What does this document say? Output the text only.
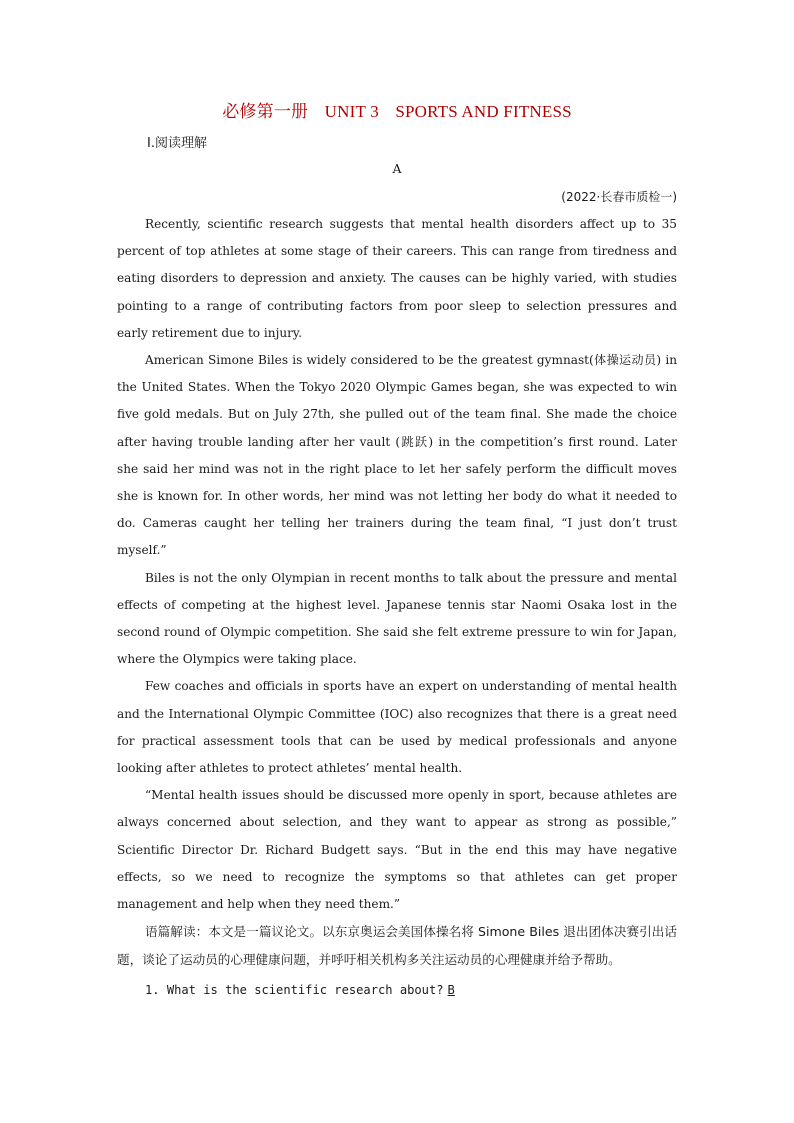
必修第一册 UNIT 3 SPORTS AND FITNESS
Ⅰ.阅读理解
A
(2022·长春市质检一)

Recently, scientific research suggests that mental health disorders affect up to 35 percent of top athletes at some stage of their careers. This can range from tiredness and eating disorders to depression and anxiety. The causes can be highly varied, with studies pointing to a range of contributing factors from poor sleep to selection pressures and early retirement due to injury.

American Simone Biles is widely considered to be the greatest gymnast(体操运动员) in the United States. When the Tokyo 2020 Olympic Games began, she was expected to win five gold medals. But on July 27th, she pulled out of the team final. She made the choice after having trouble landing after her vault (跳跃) in the competition’s first round. Later she said her mind was not in the right place to let her safely perform the difficult moves she is known for. In other words, her mind was not letting her body do what it needed to do. Cameras caught her telling her trainers during the team final, “I just don’t trust myself.”

Biles is not the only Olympian in recent months to talk about the pressure and mental effects of competing at the highest level. Japanese tennis star Naomi Osaka lost in the second round of Olympic competition. She said she felt extreme pressure to win for Japan, where the Olympics were taking place.

Few coaches and officials in sports have an expert on understanding of mental health and the International Olympic Committee (IOC) also recognizes that there is a great need for practical assessment tools that can be used by medical professionals and anyone looking after athletes to protect athletes’ mental health.

“Mental health issues should be discussed more openly in sport, because athletes are always concerned about selection, and they want to appear as strong as possible,” Scientific Director Dr. Richard Budgett says. “But in the end this may have negative effects, so we need to recognize the symptoms so that athletes can get proper management and help when they need them.”

语篇解读：本文是一篇议论文。以东京奥运会美国体操名将 Simone Biles 退出团体决赛引出话题，谈论了运动员的心理健康问题，并呼吁相关机构多关注运动员的心理健康并给予帮助。

1. What is the scientific research about? B
